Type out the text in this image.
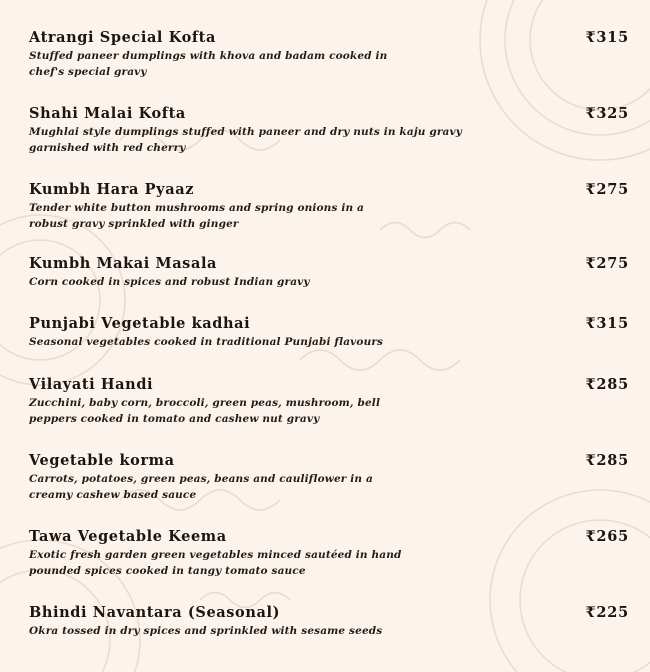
Atrangi Special Kofta

Stuffed paneer dumplings with khova and badam cooked in chef's special gravy

₹315

Shahi Malai Kofta

Mughlai style dumplings stuffed with paneer and dry nuts in kaju gravy garnished with red cherry

₹325

Kumbh Hara Pyaaz

Tender white button mushrooms and spring onions in a robust gravy sprinkled with ginger

₹275

Kumbh Makai Masala

Corn cooked in spices and robust Indian gravy

₹275

Punjabi Vegetable kadhai

Seasonal vegetables cooked in traditional Punjabi flavours

₹315

Vilayati Handi

Zucchini, baby corn, broccoli, green peas, mushroom, bell peppers cooked in tomato and cashew nut gravy

₹285

Vegetable korma

Carrots, potatoes, green peas, beans and cauliflower in a creamy cashew based sauce

₹285

Tawa Vegetable Keema

Exotic fresh garden green vegetables minced sautéed in hand pounded spices cooked in tangy tomato sauce

₹265

Bhindi Navantara (Seasonal)

Okra tossed in dry spices and sprinkled with sesame seeds

₹225
